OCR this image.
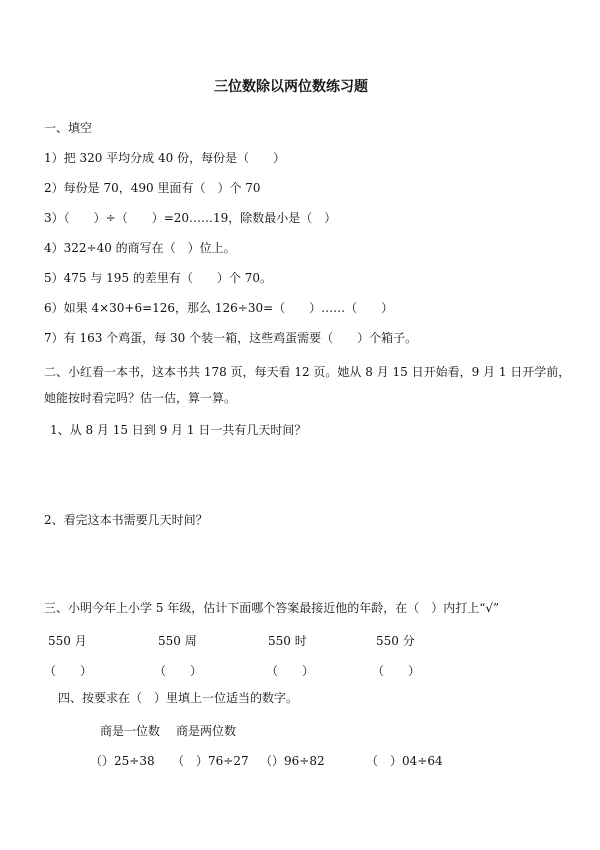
三位数除以两位数练习题
一、填空
1）把 320 平均分成 40 份，每份是（　　）
2）每份是 70，490 里面有（　）个 70
3）（　　）÷（　　）=20……19，除数最小是（　）
4）322÷40 的商写在（　）位上。
5）475 与 195 的差里有（　　）个 70。
6）如果 4×30+6=126，那么 126÷30=（　　）……（　　）
7）有 163 个鸡蛋，每 30 个装一箱，这些鸡蛋需要（　　）个箱子。
二、小红看一本书，这本书共 178 页，每天看 12 页。她从 8 月 15 日开始看，9 月 1 日开学前，
她能按时看完吗？估一估，算一算。
1、从 8 月 15 日到 9 月 1 日一共有几天时间？
2、看完这本书需要几天时间？
三、小明今年上小学 5 年级，估计下面哪个答案最接近他的年龄，在（　）内打上“√”
550 月	550 周	550 时	550 分
（　　）	（　　）	（　　）	（　　）
四、按要求在（　）里填上一位适当的数字。
商是一位数 商是两位数
（）25÷38 （　）76÷27 （）96÷82	（　）04÷64
